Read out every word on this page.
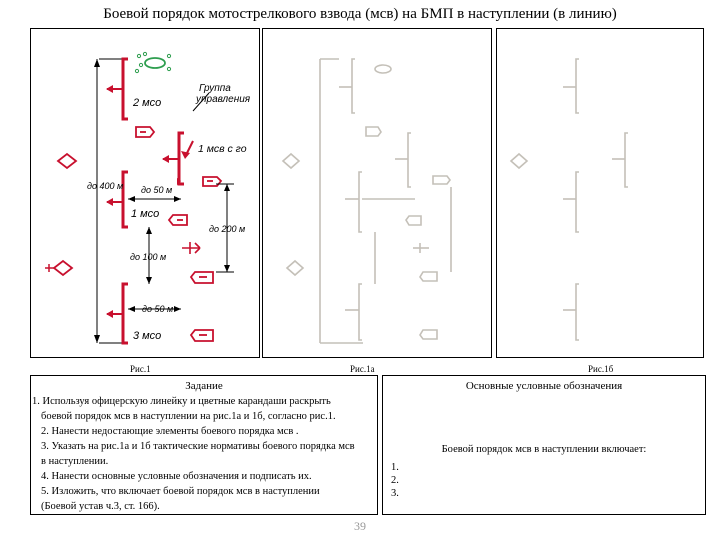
Боевой порядок мотострелкового взвода (мсв) на БМП в наступлении (в линию)
2 мсо
Группа управления
1 мсв с го
1 мсо
3 мсо
до 400 м до 50 м
до 100 м
до 50 м
до 200 м
Рис.1	Рис.1а	Рис.1б
Задание
1. Используя офицерскую линейку и цветные карандаши раскрыть
боевой порядок мсв в наступлении на рис.1а и 1б, согласно рис.1.
2. Нанести недостающие элементы боевого порядка мсв .
3. Указать на рис.1а и 1б тактические нормативы боевого порядка мсв
в наступлении.
4. Нанести основные условные обозначения и подписать их.
5. Изложить, что включает боевой порядок мсв в наступлении
(Боевой устав ч.3, ст. 166).
Основные условные обозначения
Боевой порядок мсв в наступлении включает:
1.
2.
3.
39
